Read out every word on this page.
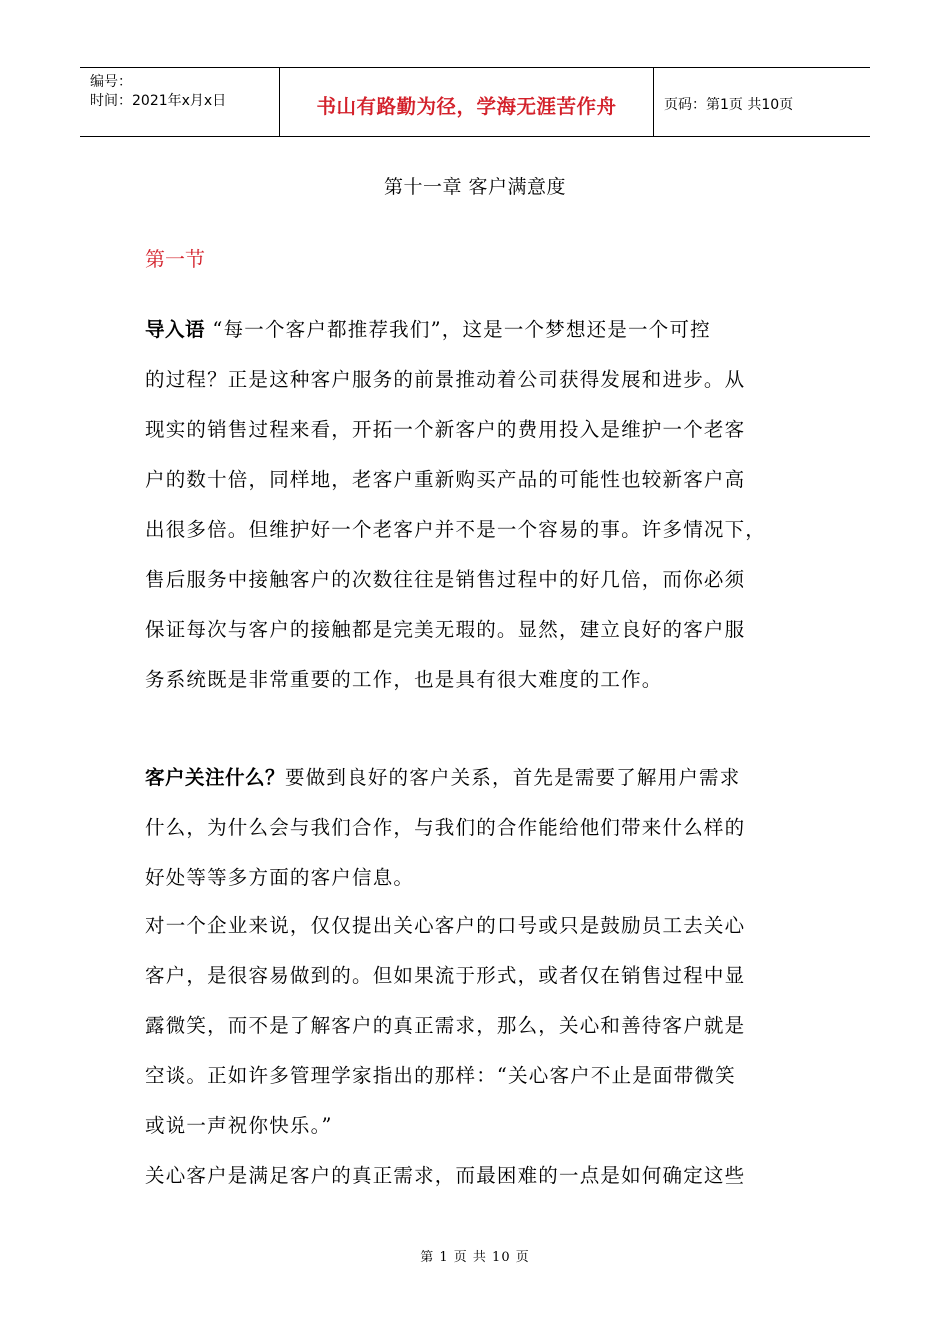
编号：
时间：2021年x月x日	书山有路勤为径，学海无涯苦作舟	页码：第1页 共10页
第十一章 客户满意度
第一节
导入语 “每一个客户都推荐我们”，这是一个梦想还是一个可控
的过程？正是这种客户服务的前景推动着公司获得发展和进步。从
现实的销售过程来看，开拓一个新客户的费用投入是维护一个老客
户的数十倍，同样地，老客户重新购买产品的可能性也较新客户高
出很多倍。但维护好一个老客户并不是一个容易的事。许多情况下，
售后服务中接触客户的次数往往是销售过程中的好几倍，而你必须
保证每次与客户的接触都是完美无瑕的。显然，建立良好的客户服
务系统既是非常重要的工作，也是具有很大难度的工作。
客户关注什么？要做到良好的客户关系，首先是需要了解用户需求
什么，为什么会与我们合作，与我们的合作能给他们带来什么样的
好处等等多方面的客户信息。
对一个企业来说，仅仅提出关心客户的口号或只是鼓励员工去关心
客户，是很容易做到的。但如果流于形式，或者仅在销售过程中显
露微笑，而不是了解客户的真正需求，那么，关心和善待客户就是
空谈。正如许多管理学家指出的那样：“关心客户不止是面带微笑
或说一声祝你快乐。”
关心客户是满足客户的真正需求，而最困难的一点是如何确定这些
第 1 页 共 10 页
